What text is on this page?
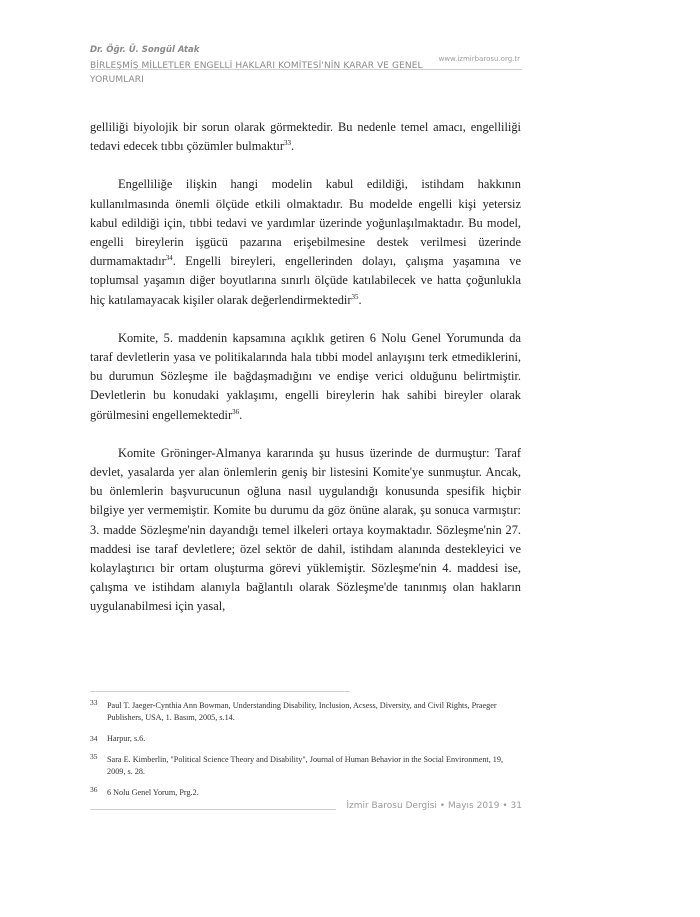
Dr. Öğr. Ü. Songül Atak
BİRLEŞMİŞ MİLLETLER ENGELLİ HAKLARI KOMİTESİ'NİN KARAR VE GENEL YORUMLARI
www.izmirbarosu.org.tr

gelliliği biyolojik bir sorun olarak görmektedir. Bu nedenle temel amacı, engelliliği tedavi edecek tıbbı çözümler bulmaktır$^{33}$.

Engelliliğe ilişkin hangi modelin kabul edildiği, istihdam hakkının kullanılmasında önemli ölçüde etkili olmaktadır. Bu modelde engelli kişi yetersiz kabul edildiği için, tıbbi tedavi ve yardımlar üzerinde yoğunlaşılmaktadır. Bu model, engelli bireylerin işgücü pazarına erişebilmesine destek verilmesi üzerinde durmamaktadır$^{34}$. Engelli bireyleri, engellerinden dolayı, çalışma yaşamına ve toplumsal yaşamın diğer boyutlarına sınırlı ölçüde katılabilecek ve hatta çoğunlukla hiç katılamayacak kişiler olarak değerlendirmektedir$^{35}$.

Komite, 5. maddenin kapsamına açıklık getiren 6 Nolu Genel Yorumunda da taraf devletlerin yasa ve politikalarında hala tıbbi model anlayışını terk etmediklerini, bu durumun Sözleşme ile bağdaşmadığını ve endişe verici olduğunu belirtmiştir. Devletlerin bu konudaki yaklaşımı, engelli bireylerin hak sahibi bireyler olarak görülmesini engellemektedir$^{36}$.

Komite Gröninger-Almanya kararında şu husus üzerinde de durmuştur: Taraf devlet, yasalarda yer alan önlemlerin geniş bir listesini Komite'ye sunmuştur. Ancak, bu önlemlerin başvurucunun oğluna nasıl uygulandığı konusunda spesifik hiçbir bilgiye yer vermemiştir. Komite bu durumu da göz önüne alarak, şu sonuca varmıştır: 3. madde Sözleşme'nin dayandığı temel ilkeleri ortaya koymaktadır. Sözleşme'nin 27. maddesi ise taraf devletlere; özel sektör de dahil, istihdam alanında destekleyici ve kolaylaştırıcı bir ortam oluşturma görevi yüklemiştir. Sözleşme'nin 4. maddesi ise, çalışma ve istihdam alanıyla bağlantılı olarak Sözleşme'de tanınmış olan hakların uygulanabilmesi için yasal,

33 Paul T. Jaeger-Cynthia Ann Bowman, Understanding Disability, Inclusion, Acsess, Diversity, and Civil Rights, Praeger Publishers, USA, 1. Basım, 2005, s.14.
34 Harpur, s.6.
35 Sara E. Kimberlin, "Political Science Theory and Disability", Journal of Human Behavior in the Social Environment, 19, 2009, s. 28.
36 6 Nolu Genel Yorum, Prg.2.
İzmir Barosu Dergisi • Mayıs 2019 • 31
